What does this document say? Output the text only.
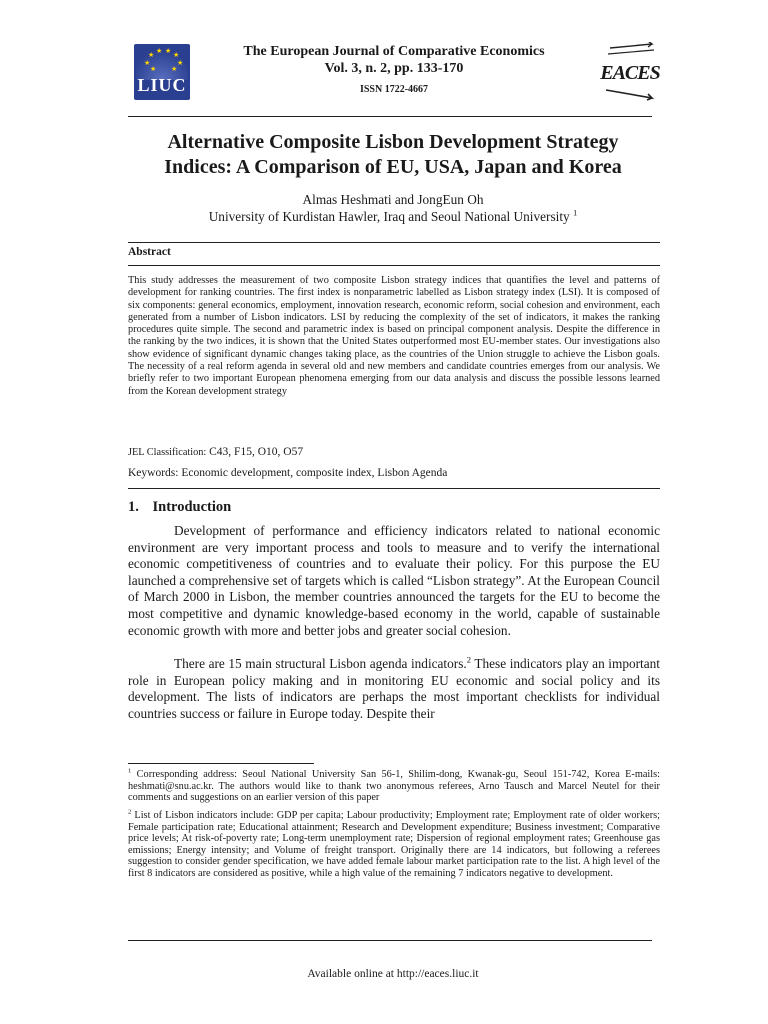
★ ★ ★ ★
★	★
★ ★
LIUC
EACES
The European Journal of Comparative Economics
Vol. 3, n. 2, pp. 133-170
ISSN 1722-4667
Alternative Composite Lisbon Development Strategy
Indices: A Comparison of EU, USA, Japan and Korea
Almas Heshmati and JongEun Oh
University of Kurdistan Hawler, Iraq and Seoul National University $^1$
Abstract
This study addresses the measurement of two composite Lisbon strategy indices that quantifies the level and patterns of development for ranking countries. The first index is nonparametric labelled as Lisbon strategy index (LSI). It is composed of six components: general economics, employment, innovation research, economic reform, social cohesion and environment, each generated from a number of Lisbon indicators. LSI by reducing the complexity of the set of indicators, it makes the ranking procedures quite simple. The second and parametric index is based on principal component analysis. Despite the difference in the ranking by the two indices, it is shown that the United States outperformed most EU-member states. Our investigations also show evidence of significant dynamic changes taking place, as the countries of the Union struggle to achieve the Lisbon goals. The necessity of a real reform agenda in several old and new members and candidate countries emerges from our analysis. We briefly refer to two important European phenomena emerging from our data analysis and discuss the possible lessons learned from the Korean development strategy
JEL Classification: C43, F15, O10, O57
Keywords: Economic development, composite index, Lisbon Agenda
1. Introduction
Development of performance and efficiency indicators related to national economic environment are very important process and tools to measure and to verify the international economic competitiveness of countries and to evaluate their policy. For this purpose the EU launched a comprehensive set of targets which is called “Lisbon strategy”. At the European Council of March 2000 in Lisbon, the member countries announced the targets for the EU to become the most competitive and dynamic knowledge-based economy in the world, capable of sustainable economic growth with more and better jobs and greater social cohesion.
There are 15 main structural Lisbon agenda indicators.$^2$ These indicators play an important role in European policy making and in monitoring EU economic and social policy and its development. The lists of indicators are perhaps the most important checklists for individual countries success or failure in Europe today. Despite their
$^1$ Corresponding address: Seoul National University San 56-1, Shilim-dong, Kwanak-gu, Seoul 151-742, Korea E-mails: heshmati@snu.ac.kr. The authors would like to thank two anonymous referees, Arno Tausch and Marcel Neutel for their comments and suggestions on an earlier version of this paper
$^2$ List of Lisbon indicators include: GDP per capita; Labour productivity; Employment rate; Employment rate of older workers; Female participation rate; Educational attainment; Research and Development expenditure; Business investment; Comparative price levels; At risk-of-poverty rate; Long-term unemployment rate; Dispersion of regional employment rates; Greenhouse gas emissions; Energy intensity; and Volume of freight transport. Originally there are 14 indicators, but following a referees suggestion to consider gender specification, we have added female labour market participation rate to the list. A high level of the first 8 indicators are considered as positive, while a high value of the remaining 7 indicators negative to development.
Available online at http://eaces.liuc.it
